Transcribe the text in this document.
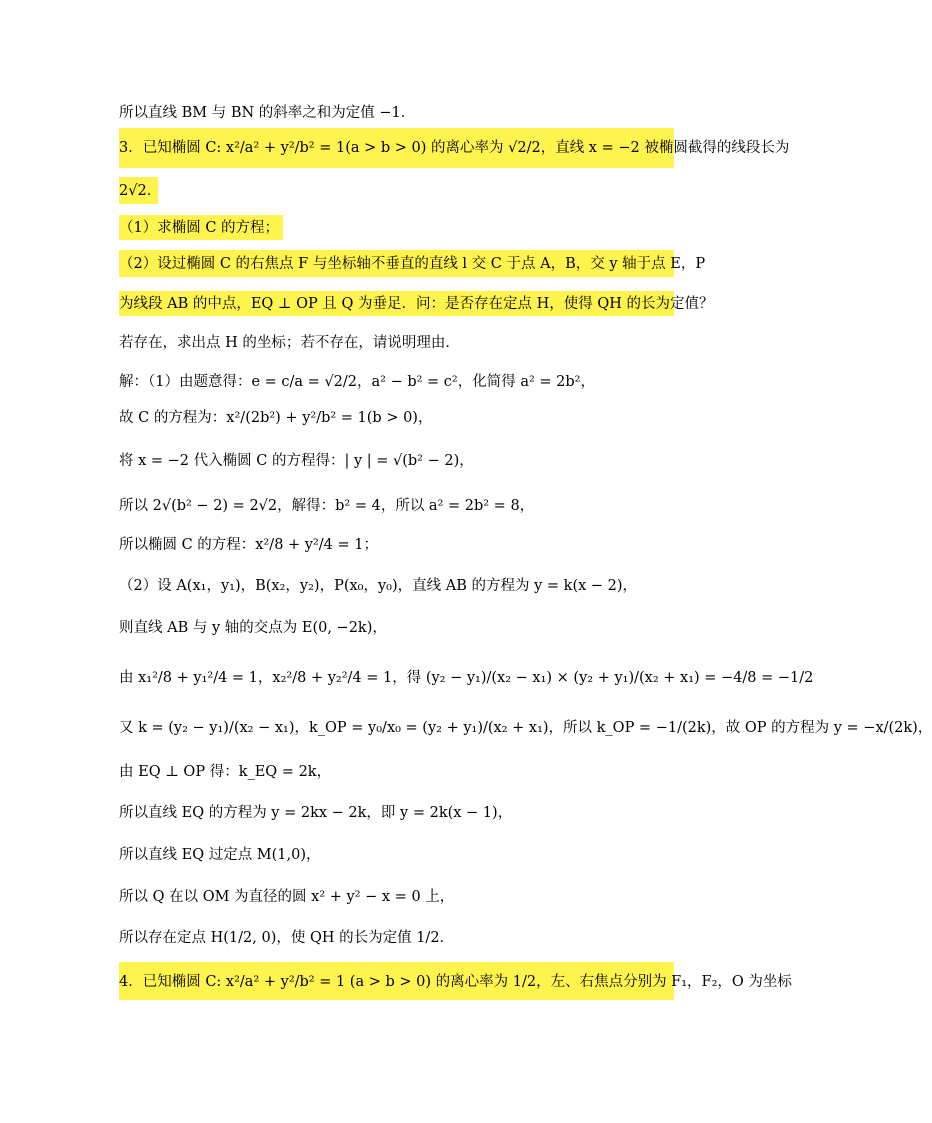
所以直线 BM 与 BN 的斜率之和为定值 −1．
3．已知椭圆 C: x²/a² + y²/b² = 1(a > b > 0) 的离心率为 √2/2，直线 x = −2 被椭圆截得的线段长为
2√2．
（1）求椭圆 C 的方程；
（2）设过椭圆 C 的右焦点 F 与坐标轴不垂直的直线 l 交 C 于点 A，B，交 y 轴于点 E，P
为线段 AB 的中点，EQ ⊥ OP 且 Q 为垂足．问：是否存在定点 H，使得 QH 的长为定值？
若存在，求出点 H 的坐标；若不存在，请说明理由．
解：（1）由题意得：e = c/a = √2/2，a² − b² = c²，化简得 a² = 2b²，
故 C 的方程为：x²/(2b²) + y²/b² = 1(b > 0)，
将 x = −2 代入椭圆 C 的方程得：| y | = √(b² − 2)，
所以 2√(b² − 2) = 2√2，解得：b² = 4，所以 a² = 2b² = 8，
所以椭圆 C 的方程：x²/8 + y²/4 = 1；
（2）设 A(x₁，y₁)，B(x₂，y₂)，P(x₀，y₀)，直线 AB 的方程为 y = k(x − 2)，
则直线 AB 与 y 轴的交点为 E(0, −2k)，
由 x₁²/8 + y₁²/4 = 1，x₂²/8 + y₂²/4 = 1，得 (y₂ − y₁)/(x₂ − x₁) × (y₂ + y₁)/(x₂ + x₁) = −4/8 = −1/2
又 k = (y₂ − y₁)/(x₂ − x₁)，k_OP = y₀/x₀ = (y₂ + y₁)/(x₂ + x₁)，所以 k_OP = −1/(2k)，故 OP 的方程为 y = −x/(2k)，
由 EQ ⊥ OP 得：k_EQ = 2k，
所以直线 EQ 的方程为 y = 2kx − 2k，即 y = 2k(x − 1)，
所以直线 EQ 过定点 M(1,0)，
所以 Q 在以 OM 为直径的圆 x² + y² − x = 0 上，
所以存在定点 H(1/2, 0)，使 QH 的长为定值 1/2．
4．已知椭圆 C: x²/a² + y²/b² = 1 (a > b > 0) 的离心率为 1/2，左、右焦点分别为 F₁，F₂，O 为坐标
